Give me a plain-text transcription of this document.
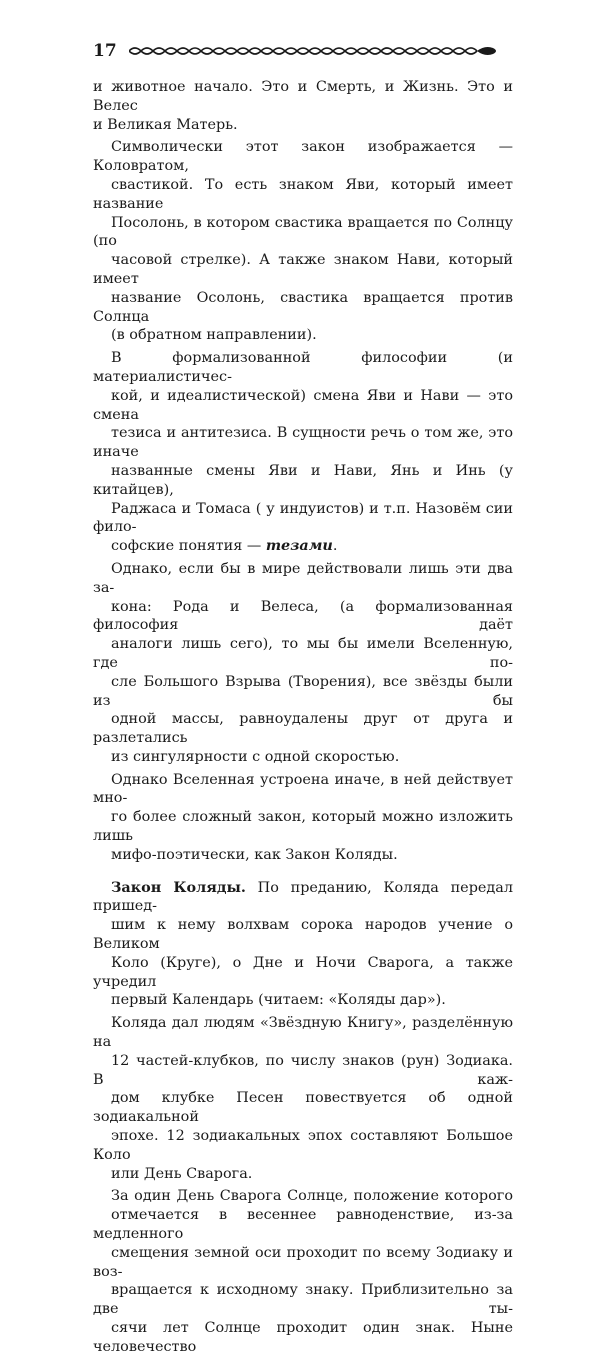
17

и животное начало. Это и Смерть, и Жизнь. Это и Велес
и Великая Матерь.

Символически этот закон изображается — Коловратом,
свастикой. То есть знаком Яви, который имеет название
Посолонь, в котором свастика вращается по Солнцу (по
часовой стрелке). А также знаком Нави, который имеет
название Осолонь, свастика вращается против Солнца
(в обратном направлении).

В формализованной философии (и материалистичес-
кой, и идеалистической) смена Яви и Нави — это смена
тезиса и антитезиса. В сущности речь о том же, это иначе
названные смены Яви и Нави, Янь и Инь (у китайцев),
Раджаса и Томаса ( у индуистов) и т.п. Назовём сии фило-
софские понятия — тезами.

Однако, если бы в мире действовали лишь эти два за-
кона: Рода и Велеса, (а формализованная философия даёт
аналоги лишь сего), то мы бы имели Вселенную, где по-
сле Большого Взрыва (Творения), все звёзды были из бы
одной массы, равноудалены друг от друга и разлетались
из сингулярности с одной скоростью.

Однако Вселенная устроена иначе, в ней действует мно-
го более сложный закон, который можно изложить лишь
мифо-поэтически, как Закон Коляды.

Закон Коляды. По преданию, Коляда передал пришед-
шим к нему волхвам сорока народов учение о Великом
Коло (Круге), о Дне и Ночи Сварога, а также учредил
первый Календарь (читаем: «Коляды дар»).

Коляда дал людям «Звёздную Книгу», разделённую на
12 частей-клубков, по числу знаков (рун) Зодиака. В каж-
дом клубке Песен повествуется об одной зодиакальной
эпохе. 12 зодиакальных эпох составляют Большое Коло
или День Сварога.

За один День Сварога Солнце, положение которого
отмечается в весеннее равноденствие, из-за медленного
смещения земной оси проходит по всему Зодиаку и воз-
вращается к исходному знаку. Приблизительно за две ты-
сячи лет Солнце проходит один знак. Ныне человечество
